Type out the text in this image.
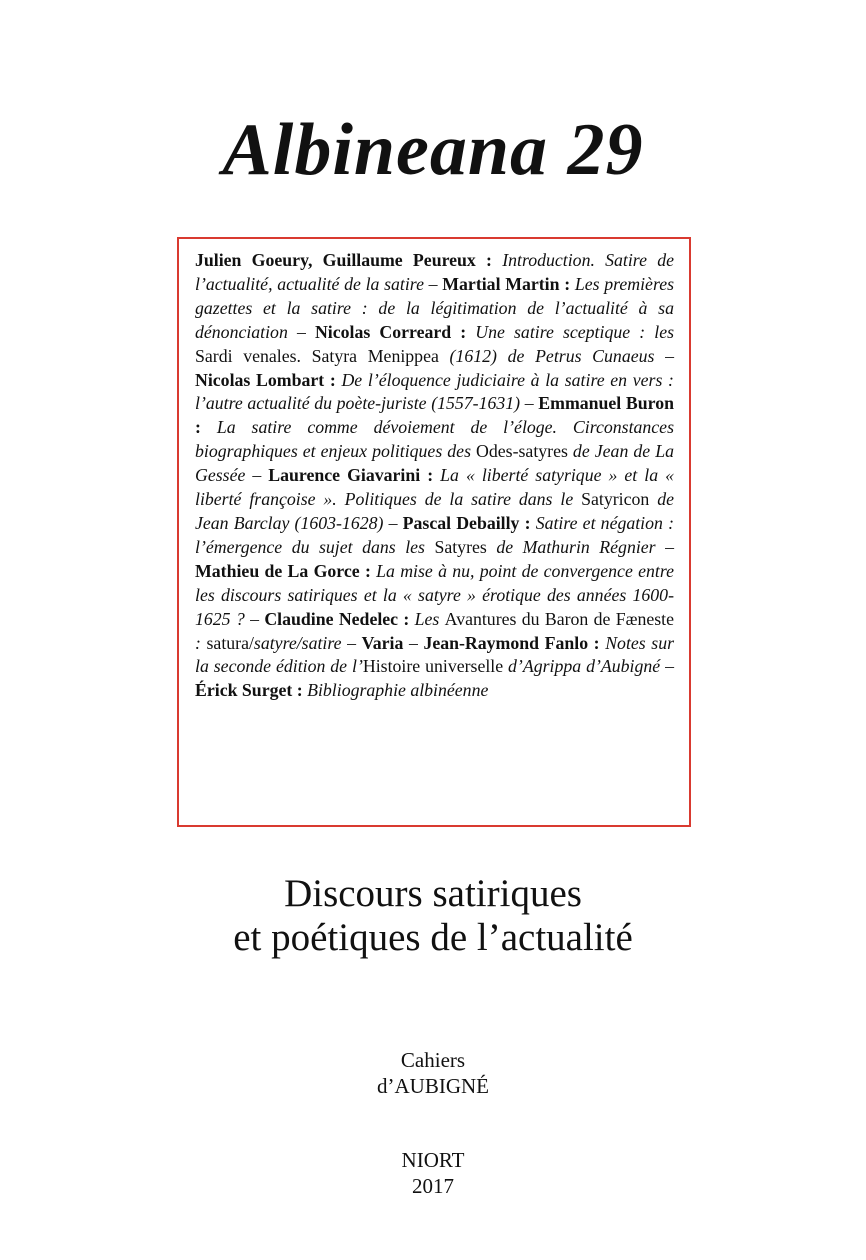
Albineana 29

Julien Goeury, Guillaume Peureux : Introduction. Satire de l’actualité, actualité de la satire – Martial Martin : Les premières gazettes et la satire : de la légitimation de l’actualité à sa dénonciation – Nicolas Correard : Une satire sceptique : les Sardi venales. Satyra Menippea (1612) de Petrus Cunaeus – Nicolas Lombart : De l’éloquence judiciaire à la satire en vers : l’autre actualité du poète-juriste (1557-1631) – Emmanuel Buron : La satire comme dévoiement de l’éloge. Circonstances biographiques et enjeux politiques des Odes-satyres de Jean de La Gessée – Laurence Giavarini : La « liberté satyrique » et la « liberté françoise ». Politiques de la satire dans le Satyricon de Jean Barclay (1603-1628) – Pascal Debailly : Satire et négation : l’émergence du sujet dans les Satyres de Mathurin Régnier – Mathieu de La Gorce : La mise à nu, point de convergence entre les discours satiriques et la « satyre » érotique des années 1600-1625 ? – Claudine Nedelec : Les Avantures du Baron de Fæneste : satura/satyre/satire – Varia – Jean-Raymond Fanlo : Notes sur la seconde édition de l’Histoire universelle d’Agrippa d’Aubigné – Érick Surget : Bibliographie albinéenne

Discours satiriques
et poétiques de l’actualité
Cahiers
d’AUBIGNÉ
NIORT
2017
